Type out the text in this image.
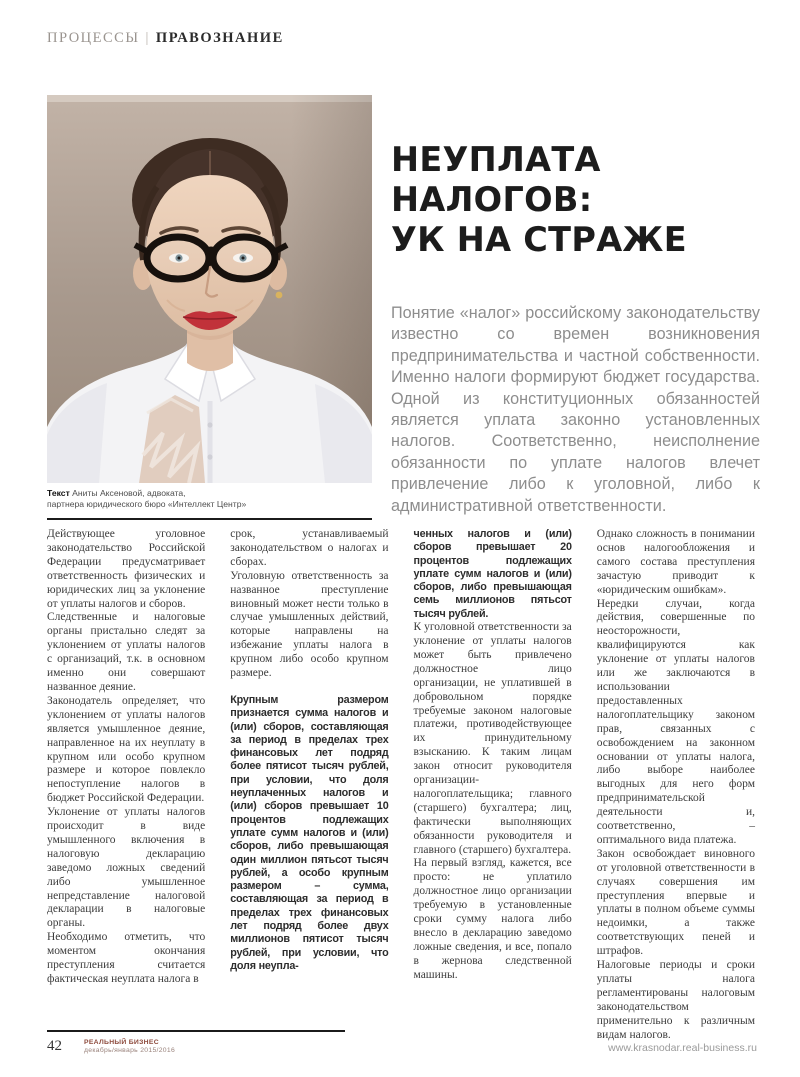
ПРОЦЕССЫ | ПРАВОЗНАНИЕ
Текст Аниты Аксеновой, адвоката,
партнера юридического бюро «Интеллект Центр»
НЕУПЛАТА
НАЛОГОВ:
УК НА СТРАЖЕ
Понятие «налог» российскому законодательству известно со времен возникновения предпринимательства и частной собственности. Именно налоги формируют бюджет государства. Одной из конституционных обязанностей является уплата законно установленных налогов. Соответственно, неисполнение обязанности по уплате налогов влечет привлечение либо к уголовной, либо к административной ответственности.

Действующее уголовное законодательство Российской Федерации предусматривает ответственность физических и юридических лиц за уклонение от уплаты налогов и сборов.

Следственные и налоговые органы пристально следят за уклонением от уплаты налогов с организаций, т.к. в основном именно они совершают названное деяние.

Законодатель определяет, что уклонением от уплаты налогов является умышленное деяние, направленное на их неуплату в крупном или особо крупном размере и которое повлекло непоступление налогов в бюджет Российской Федерации.

Уклонение от уплаты налогов происходит в виде умышленного включения в налоговую декларацию заведомо ложных сведений либо умышленное непредставление налоговой декларации в налоговые органы.

Необходимо отметить, что моментом окончания преступления считается фактическая неуплата налога в

срок, устанавливаемый законодательством о налогах и сборах.

Уголовную ответственность за названное преступление виновный может нести только в случае умышленных действий, которые направлены на избежание уплаты налога в крупном либо особо крупном размере.

Крупным размером признается сумма налогов и (или) сборов, составляющая за период в пределах трех финансовых лет подряд более пятисот тысяч рублей, при условии, что доля неуплаченных налогов и (или) сборов превышает 10 процентов подлежащих уплате сумм налогов и (или) сборов, либо превышающая один миллион пятьсот тысяч рублей, а особо крупным размером – сумма, составляющая за период в пределах трех финансовых лет подряд более двух миллионов пятисот тысяч рублей, при условии, что доля неупла-

ченных налогов и (или) сборов превышает 20 процентов подлежащих уплате сумм налогов и (или) сборов, либо превышающая семь миллионов пятьсот тысяч рублей.

К уголовной ответственности за уклонение от уплаты налогов может быть привлечено должностное лицо организации, не уплатившей в добровольном порядке требуемые законом налоговые платежи, противодействующее их принудительному взысканию. К таким лицам закон относит руководителя организации-налогоплательщика; главного (старшего) бухгалтера; лиц, фактически выполняющих обязанности руководителя и главного (старшего) бухгалтера.

На первый взгляд, кажется, все просто: не уплатило должностное лицо организации требуемую в установленные сроки сумму налога либо внесло в декларацию заведомо ложные сведения, и все, попало в жернова следственной машины.

Однако сложность в понимании основ налогообложения и самого состава преступления зачастую приводит к «юридическим ошибкам».

Нередки случаи, когда действия, совершенные по неосторожности, квалифицируются как уклонение от уплаты налогов или же заключаются в использовании предоставленных налогоплательщику законом прав, связанных с освобождением на законном основании от уплаты налога, либо выборе наиболее выгодных для него форм предпринимательской деятельности и, соответственно, – оптимального вида платежа.

Закон освобождает виновного от уголовной ответственности в случаях совершения им преступления впервые и уплаты в полном объеме суммы недоимки, а также соответствующих пеней и штрафов.

Налоговые периоды и сроки уплаты налога регламентированы налоговым законодательством применительно к различным видам налогов.

42	РЕАЛЬНЫЙ БИЗНЕС
декабрь/январь 2015/2016	www.krasnodar.real-business.ru
